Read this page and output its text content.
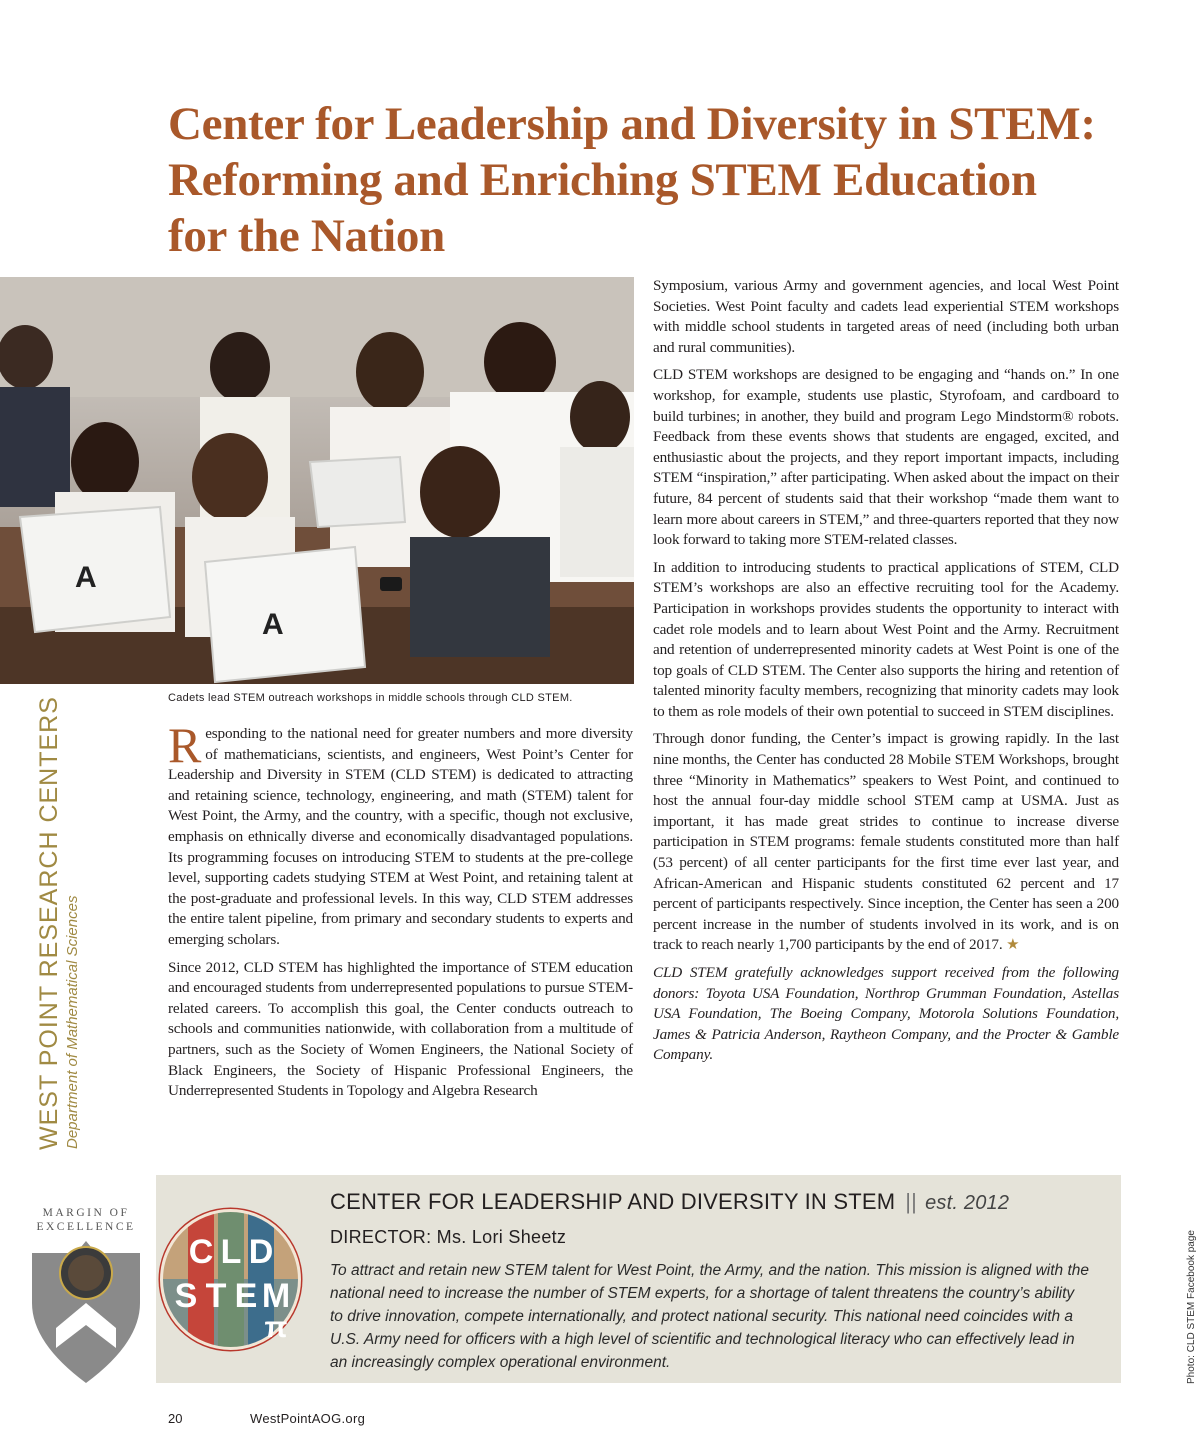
Center for Leadership and Diversity in STEM:
Reforming and Enriching STEM Education
for the Nation
A
A
Cadets lead STEM outreach workshops in middle schools through CLD STEM.

Responding to the national need for greater numbers and more diversity of mathematicians, scientists, and engineers, West Point’s Center for Leadership and Diversity in STEM (CLD STEM) is dedicated to attracting and retaining science, technology, engineering, and math (STEM) talent for West Point, the Army, and the country, with a specific, though not exclusive, emphasis on ethnically diverse and economically disadvantaged populations. Its programming focuses on introducing STEM to students at the pre-college level, supporting cadets studying STEM at West Point, and retaining talent at the post-graduate and professional levels. In this way, CLD STEM addresses the entire talent pipeline, from primary and secondary students to experts and emerging scholars.

Since 2012, CLD STEM has highlighted the importance of STEM education and encouraged students from underrepresented populations to pursue STEM-related careers. To accomplish this goal, the Center conducts outreach to schools and communities nationwide, with collaboration from a multitude of partners, such as the Society of Women Engineers, the National Society of Black Engineers, the Society of Hispanic Professional Engineers, the Underrepresented Students in Topology and Algebra Research

Symposium, various Army and government agencies, and local West Point Societies. West Point faculty and cadets lead experiential STEM workshops with middle school students in targeted areas of need (including both urban and rural communities).

CLD STEM workshops are designed to be engaging and “hands on.” In one workshop, for example, students use plastic, Styrofoam, and cardboard to build turbines; in another, they build and program Lego Mindstorm® robots. Feedback from these events shows that students are engaged, excited, and enthusiastic about the projects, and they report important impacts, including STEM “inspiration,” after participating. When asked about the impact on their future, 84 percent of students said that their workshop “made them want to learn more about careers in STEM,” and three-quarters reported that they now look forward to taking more STEM-related classes.

In addition to introducing students to practical applications of STEM, CLD STEM’s workshops are also an effective recruiting tool for the Academy. Participation in workshops provides students the opportunity to interact with cadet role models and to learn about West Point and the Army. Recruitment and retention of underrepresented minority cadets at West Point is one of the top goals of CLD STEM. The Center also supports the hiring and retention of talented minority faculty members, recognizing that minority cadets may look to them as role models of their own potential to succeed in STEM disciplines.

Through donor funding, the Center’s impact is growing rapidly. In the last nine months, the Center has conducted 28 Mobile STEM Workshops, brought three “Minority in Mathematics” speakers to West Point, and continued to host the annual four-day middle school STEM camp at USMA. Just as important, it has made great strides to continue to increase diverse participation in STEM programs: female students constituted more than half (53 percent) of all center participants for the first time ever last year, and African-American and Hispanic students constituted 62 percent and 17 percent of participants respectively. Since inception, the Center has seen a 200 percent increase in the number of students involved in its work, and is on track to reach nearly 1,700 participants by the end of 2017. ★

CLD STEM gratefully acknowledges support received from the following donors: Toyota USA Foundation, Northrop Grumman Foundation, Astellas USA Foundation, The Boeing Company, Motorola Solutions Foundation, James & Patricia Anderson, Raytheon Company, and the Procter & Gamble Company.

WEST POINT RESEARCH CENTERS Department of Mathematical Sciences
MARGIN OF
EXCELLENCE
C L D
S T E M
π
CENTER FOR LEADERSHIP AND DIVERSITY IN STEM || est. 2012
DIRECTOR: Ms. Lori Sheetz
To attract and retain new STEM talent for West Point, the Army, and the nation. This mission is aligned with the national need to increase the number of STEM experts, for a shortage of talent threatens the country’s ability to drive innovation, compete internationally, and protect national security. This national need coincides with a U.S. Army need for officers with a high level of scientific and technological literacy who can effectively lead in an increasingly complex operational environment.	Photo: CLD STEM Facebook page
20	WestPointAOG.org
